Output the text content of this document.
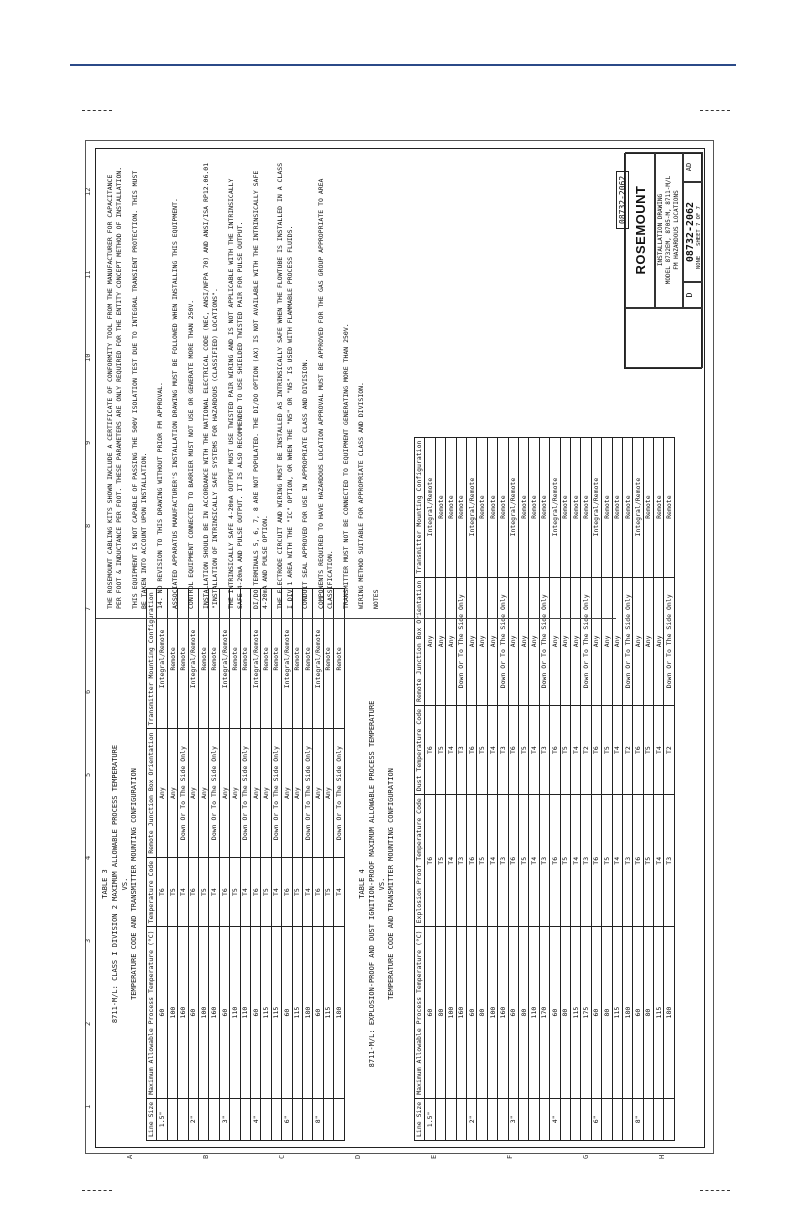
1
2
3
4
5
6
7
8
9
10
11
12
A	B	C	D	E	F	G	H
TABLE 3 8711-M/L: CLASS I DIVISION 2 MAXIMUM ALLOWABLE PROCESS TEMPERATURE VS. TEMPERATURE CODE AND TRANSMITTER MOUNTING CONFIGURATION
Line Size	Maximum Allowable Process Temperature (°C)	Temperature Code	Remote Junction Box Orientation	Transmitter Mounting Configuration
1.5"	60	T6	Any	Integral/Remote
	100	T5	Any	Remote
	160	T4	Down Or To The Side Only	Remote
2"	60	T6	Any	Integral/Remote
	100	T5	Any	Remote
	160	T4	Down Or To The Side Only	Remote
3"	60	T6	Any	Integral/Remote
	110	T5	Any	Remote
	110	T4	Down Or To The Side Only	Remote
4"	60	T6	Any	Integral/Remote
	115	T5	Any	Remote
	115	T4	Down Or To The Side Only	Remote
6"	60	T6	Any	Integral/Remote
	115	T5	Any	Remote
	180	T4	Down Or To The Side Only	Remote
8"	60	T6	Any	Integral/Remote
	115	T5	Any	Remote
	180	T4	Down Or To The Side Only	Remote
TABLE 4 8711-M/L: EXPLOSION-PROOF AND DUST IGNITION-PROOF MAXIMUM ALLOWABLE PROCESS TEMPERATURE VS. TEMPERATURE CODE AND TRANSMITTER MOUNTING CONFIGURATION
Line Size	Maximum Allowable Process Temperature (°C)	Explosion Proof Temperature Code	Dust Temperature Code	Remote Junction Box Orientation	Transmitter Mounting Configuration
1.5"	60	T6	T6	Any	Integral/Remote
	80	T5	T5	Any	Remote
	100	T4	T4	Any	Remote
	160	T3	T3	Down Or To The Side Only	Remote
2"	60	T6	T6	Any	Integral/Remote
	80	T5	T5	Any	Remote
	100	T4	T4	Any	Remote
	160	T3	T3	Down Or To The Side Only	Remote
3"	60	T6	T6	Any	Integral/Remote
	80	T5	T5	Any	Remote
	110	T4	T4	Any	Remote
	170	T3	T3	Down Or To The Side Only	Remote
4"	60	T6	T6	Any	Integral/Remote
	80	T5	T5	Any	Remote
	115	T4	T4	Any	Remote
	175	T3	T2	Down Or To The Side Only	Remote
6"	60	T6	T6	Any	Integral/Remote
	80	T5	T5	Any	Remote
	115	T4	T4	Any	Remote
	180	T3	T2	Down Or To The Side Only	Remote
8"	60	T6	T6	Any	Integral/Remote
	80	T5	T5	Any	Remote
	115	T4	T4	Any	Remote
	180	T3	T2	Down Or To The Side Only	Remote
THE ROSEMOUNT CABLING KITS SHOWN INCLUDE A CERTIFICATE OF CONFORMITY TOOL FROM THE MANUFACTURER FOR CAPACITANCE PER FOOT & INDUCTANCE PER FOOT. THESE PARAMETERS ARE ONLY REQUIRED FOR THE ENTITY CONCEPT METHOD OF INSTALLATION. THIS EQUIPMENT IS NOT CAPABLE OF PASSING THE 500V ISOLATION TEST DUE TO INTEGRAL TRANSIENT PROTECTION. THIS MUST BE TAKEN INTO ACCOUNT UPON INSTALLATION. 14. NO REVISION TO THIS DRAWING WITHOUT PRIOR FM APPROVAL. ASSOCIATED APPARATUS MANUFACTURER'S INSTALLATION DRAWING MUST BE FOLLOWED WHEN INSTALLING THIS EQUIPMENT. CONTROL EQUIPMENT CONNECTED TO BARRIER MUST NOT USE OR GENERATE MORE THAN 250V. INSTALLATION SHOULD BE IN ACCORDANCE WITH THE NATIONAL ELECTRICAL CODE (NEC, ANSI/NFPA 70) AND ANSI/ISA RP12.06.01 "INSTALLATION OF INTRINSICALLY SAFE SYSTEMS FOR HAZARDOUS (CLASSIFIED) LOCATIONS". THE INTRINSICALLY SAFE 4-20mA OUTPUT MUST USE TWISTED PAIR WIRING AND IS NOT APPLICABLE WITH THE INTRINSICALLY SAFE 4-20mA AND PULSE OUTPUT. IT IS ALSO RECOMMENDED TO USE SHIELDED TWISTED PAIR FOR PULSE OUTPUT. DI/DO TERMINALS 5, 6, 7, 8 ARE NOT POPULATED. THE DI/DO OPTION (AX) IS NOT AVAILABLE WITH THE INTRINSICALLY SAFE 4-20mA AND PULSE OPTION. THE ELECTRODE CIRCUIT AND WIRING MUST BE INSTALLED AS INTRINSICALLY SAFE WHEN THE FLOWTUBE IS INSTALLED IN A CLASS I DIV 1 AREA WITH THE "IC" OPTION, OR WHEN THE "N5" OR "N5" IS USED WITH FLAMMABLE PROCESS FLUIDS. CONDUIT SEAL APPROVED FOR USE IN APPROPRIATE CLASS AND DIVISION. COMPONENTS REQUIRED TO HAVE HAZARDOUS LOCATION APPROVAL MUST BE APPROVED FOR THE GAS GROUP APPROPRIATE TO AREA CLASSIFICATION. TRANSMITTER MUST NOT BE CONNECTED TO EQUIPMENT GENERATING MORE THAN 250V. WIRING METHOD SUITABLE FOR APPROPRIATE CLASS AND DIVISION. NOTES
ROSEMOUNT INSTALLATION DRAWING MODEL 8732EM, 8705-M, 8711-M/L FM HAZARDOUS LOCATIONS
D
08732-2062
AD
NONE   SHEET 7 OF 7
08732-2062
